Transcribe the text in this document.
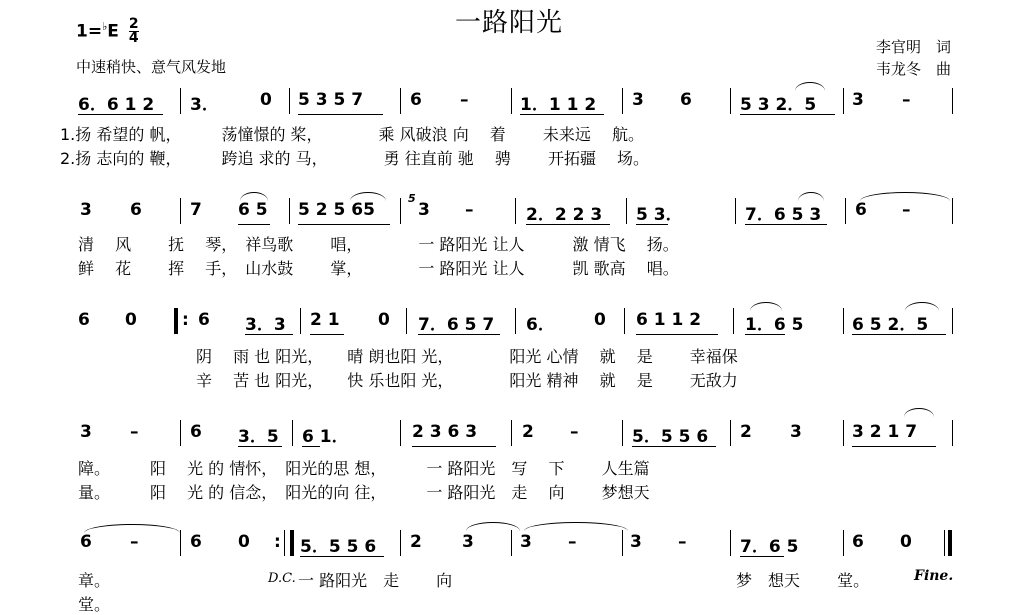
一路阳光
$1=^♭E \frac{2}{4}$
中速稍快、意气风发地
李官明　词
韦龙冬　曲
6．6 1 2 3． 0 5 3 5 7	6 –	1．1 1 2 3 6	5 3 2．5 3 –
1.扬 希望的 帆，　　　荡憧憬的 桨，　　　　乘 风破浪 向　 着　　 未来远　 航。
2.扬 志向的 鞭，　　　跨追 求的 马，　　　　勇 往直前 驰　 骋　　 开拓疆　 场。
3 6	7 6 5 5 2 5 65
5
3 –	2．2 2 3 5 3．	7．6 5 3 6 –
清　 风　　 抚　 琴，　祥鸟歌　　 唱，　　　　一 路阳光 让人　　　激 情飞　 扬。
鲜　 花　　 挥　 手，　山水鼓　　 掌，　　　　一 路阳光 让人　　　凯 歌高　 唱。
6 0	: 6 3．3 2 1 0 7．6 5 7 6． 0 6 1 1 2	1．6 5	6 5 2．5
阴　 雨 也 阳光，　　晴 朗也阳 光，　　　　阳光 心情　 就　 是　　 幸福保
辛　 苦 也 阳光，　　快 乐也阳 光，　　　　阳光 精神　 就　 是　　 无敌力
3 –	6 3．5 6 1．	2 3 6 3	2 –	5．5 5 6 2 3	3 2 1 7
障。　　　阳　 光 的 情怀，　阳光的思 想，　　　一 路阳光　写　 下　　 人生篇
量。　　　阳　 光 的 信念，　阳光的向 往，　　　一 路阳光　走　 向　　 梦想天
6 –	6 0 : 5．5 5 6 2 3	3 –	3 –	7．6 5	6 0
章。
堂。
D.C. 一 路阳光　走　　 向	梦　想天　　 堂。	Fine.
